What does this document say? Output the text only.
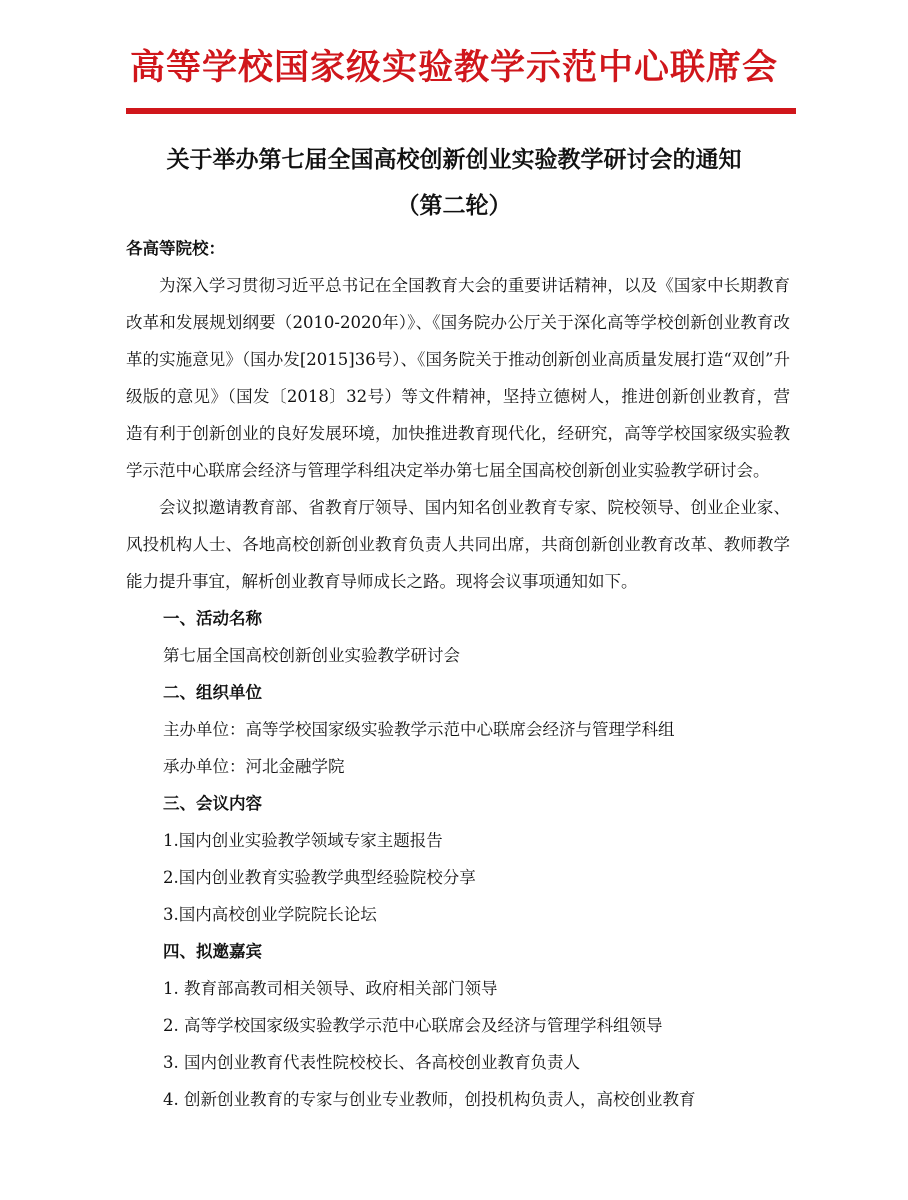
高等学校国家级实验教学示范中心联席会
关于举办第七届全国高校创新创业实验教学研讨会的通知
（第二轮）

各高等院校：

为深入学习贯彻习近平总书记在全国教育大会的重要讲话精神，以及《国家中长期教育改革和发展规划纲要（2010-2020年）》、《国务院办公厅关于深化高等学校创新创业教育改革的实施意见》（国办发[2015]36号）、《国务院关于推动创新创业高质量发展打造“双创”升级版的意见》（国发〔2018〕32号）等文件精神，坚持立德树人，推进创新创业教育，营造有利于创新创业的良好发展环境，加快推进教育现代化，经研究，高等学校国家级实验教学示范中心联席会经济与管理学科组决定举办第七届全国高校创新创业实验教学研讨会。

会议拟邀请教育部、省教育厅领导、国内知名创业教育专家、院校领导、创业企业家、风投机构人士、各地高校创新创业教育负责人共同出席，共商创新创业教育改革、教师教学能力提升事宜，解析创业教育导师成长之路。现将会议事项通知如下。

一、活动名称

第七届全国高校创新创业实验教学研讨会

二、组织单位

主办单位：高等学校国家级实验教学示范中心联席会经济与管理学科组

承办单位：河北金融学院

三、会议内容

1.国内创业实验教学领域专家主题报告

2.国内创业教育实验教学典型经验院校分享

3.国内高校创业学院院长论坛

四、拟邀嘉宾

1. 教育部高教司相关领导、政府相关部门领导

2. 高等学校国家级实验教学示范中心联席会及经济与管理学科组领导

3. 国内创业教育代表性院校校长、各高校创业教育负责人

4. 创新创业教育的专家与创业专业教师，创投机构负责人，高校创业教育
